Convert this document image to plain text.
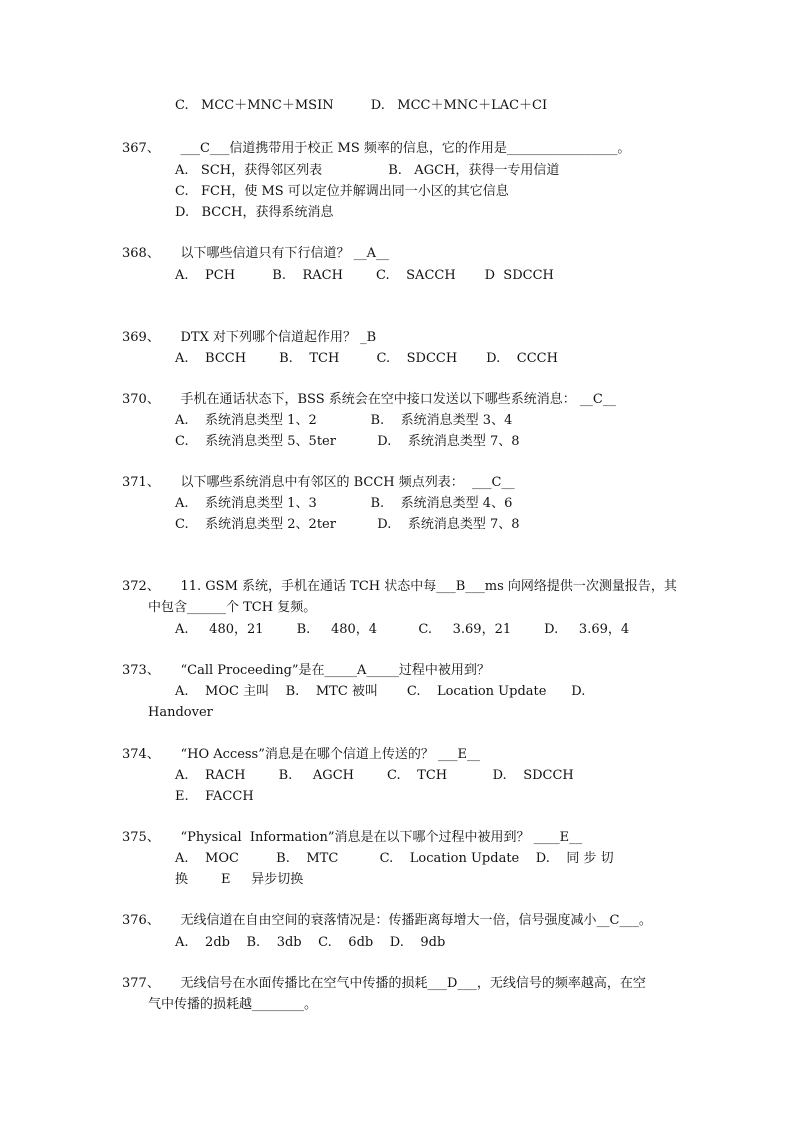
C.   MCC＋MNC＋MSIN         D.   MCC＋MNC＋LAC＋CI
367、     ___C___信道携带用于校正 MS 频率的信息，它的作用是_________________。
A.   SCH，获得邻区列表                B.   AGCH，获得一专用信道
C.   FCH，使 MS 可以定位并解调出同一小区的其它信息
D.   BCCH，获得系统消息
368、     以下哪些信道只有下行信道？ __A__
A.    PCH         B.    RACH        C.    SACCH       D  SDCCH
369、     DTX 对下列哪个信道起作用？ _B
A.    BCCH        B.    TCH         C.    SDCCH       D.    CCCH
370、     手机在通话状态下，BSS 系统会在空中接口发送以下哪些系统消息： __C__
A.    系统消息类型 1、2             B.    系统消息类型 3、4
C.    系统消息类型 5、5ter          D.    系统消息类型 7、8
371、     以下哪些系统消息中有邻区的 BCCH 频点列表：  ___C__
A.    系统消息类型 1、3             B.    系统消息类型 4、6
C.    系统消息类型 2、2ter          D.    系统消息类型 7、8
372、     11. GSM 系统，手机在通话 TCH 状态中每___B___ms 向网络提供一次测量报告，其
中包含______个 TCH 复频。
A.     480，21        B.     480，4          C.     3.69，21        D.     3.69，4
373、     “Call Proceeding”是在_____A_____过程中被用到？
A.    MOC 主叫    B.    MTC 被叫       C.    Location Update      D.
Handover
374、     “HO Access”消息是在哪个信道上传送的？ ___E__
A.    RACH        B.     AGCH        C.    TCH           D.    SDCCH
E.    FACCH
375、     “Physical  Information”消息是在以下哪个过程中被用到？ ____E__
A.    MOC         B.    MTC          C.    Location Update    D.    同 步 切
换        E     异步切换
376、     无线信道在自由空间的衰落情况是：传播距离每增大一倍，信号强度减小__C___。
A.    2db    B.    3db    C.    6db    D.    9db
377、     无线信号在水面传播比在空气中传播的损耗___D___，无线信号的频率越高，在空
气中传播的损耗越________。
